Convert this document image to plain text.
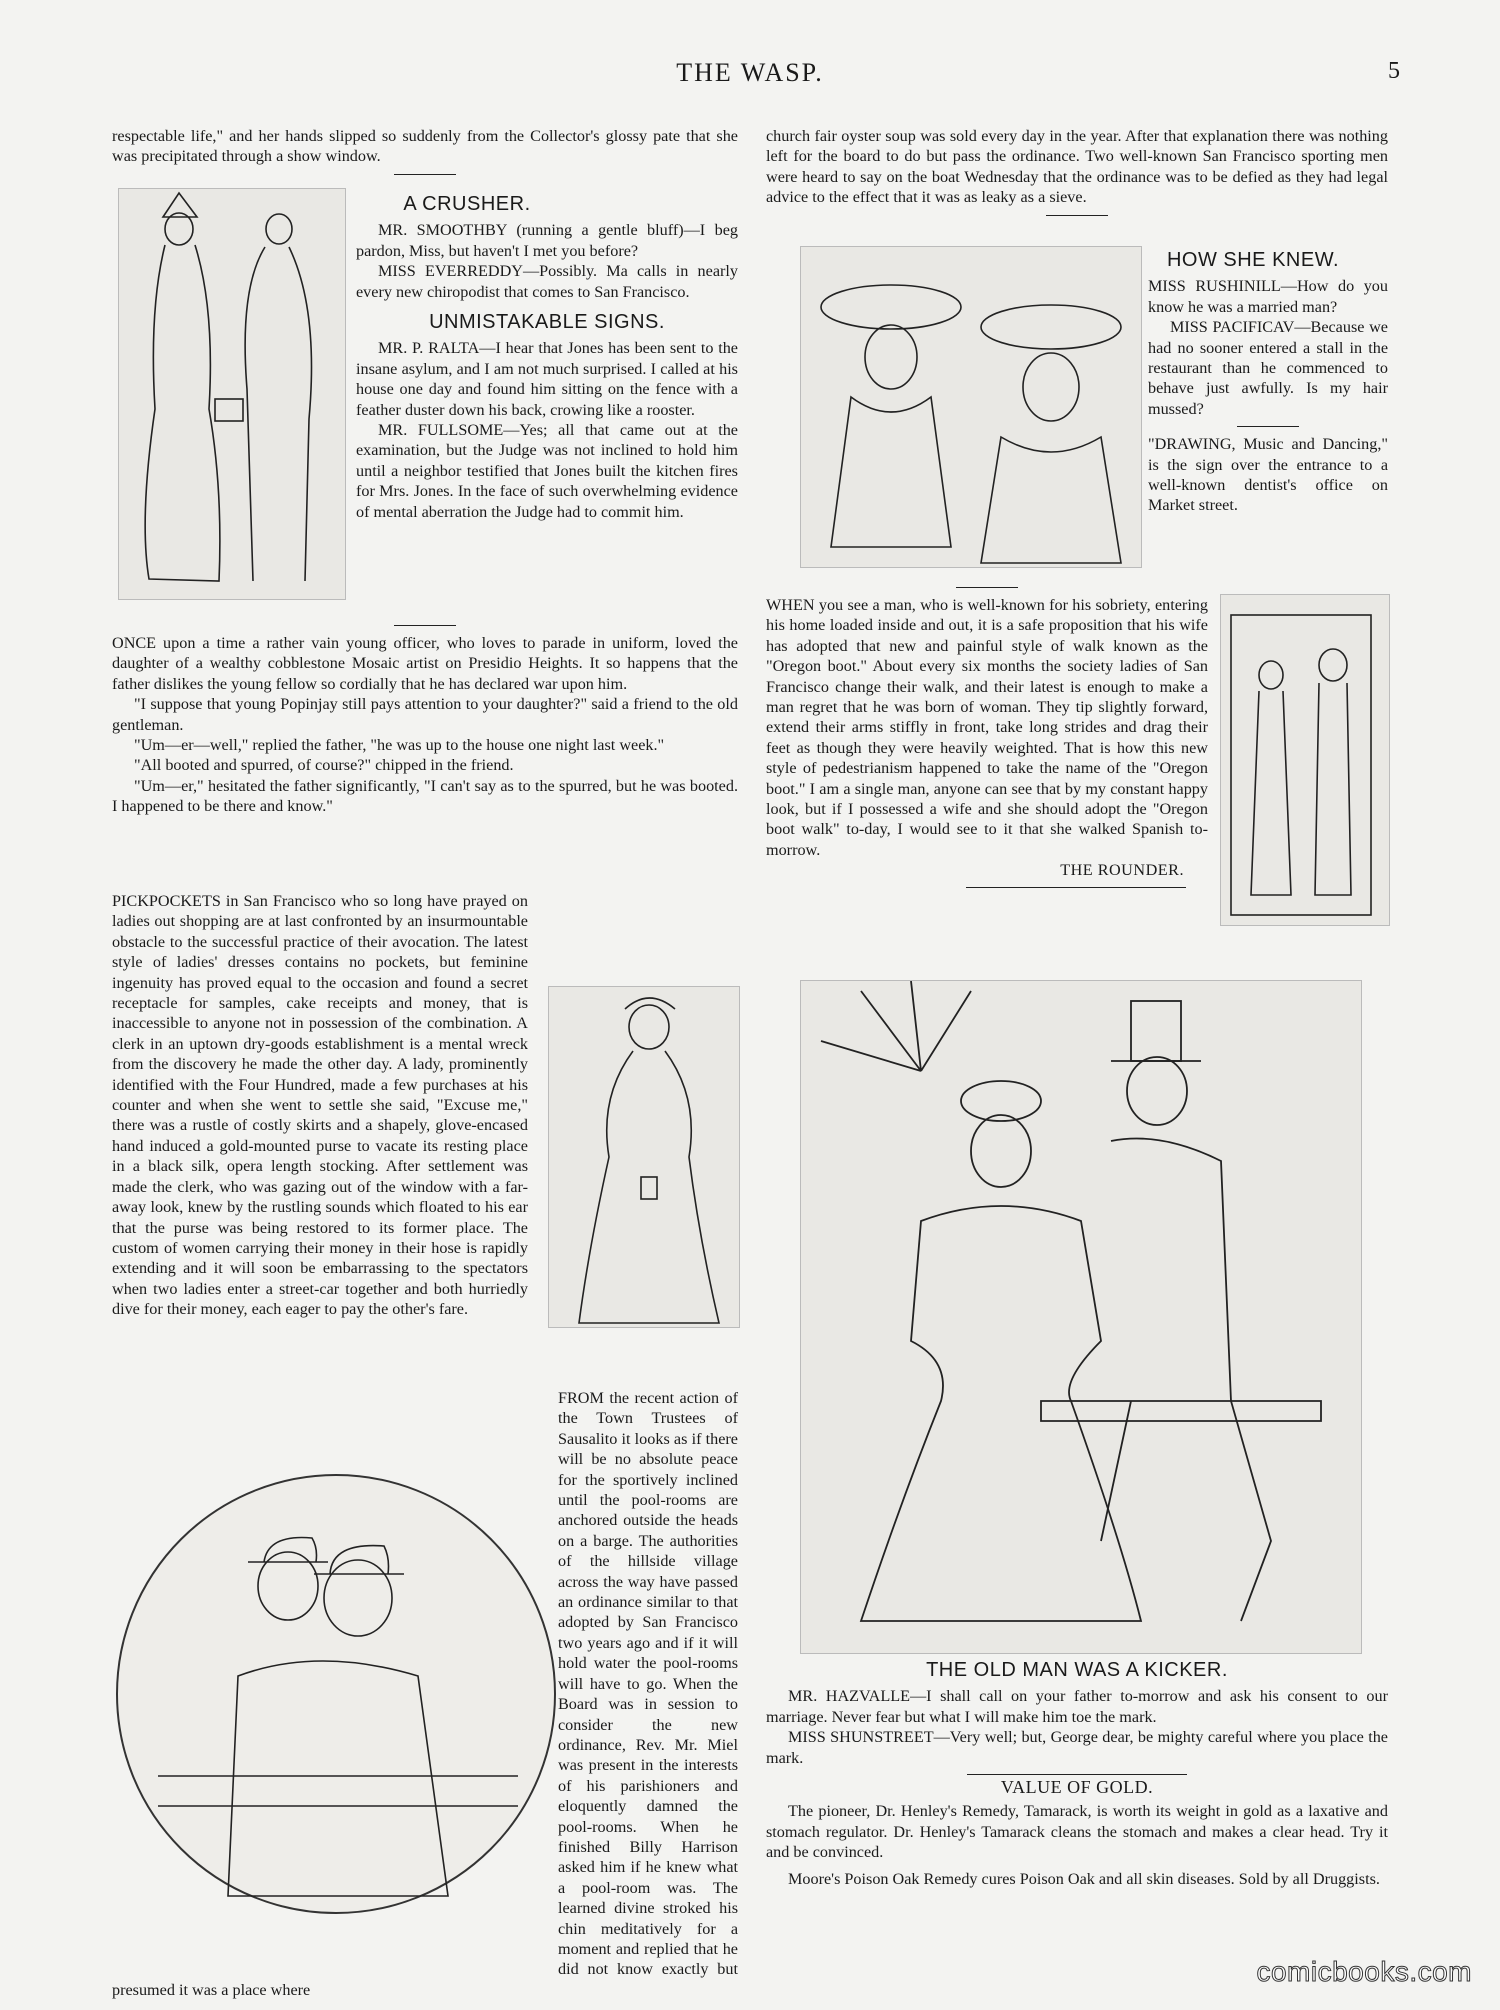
THE WASP.	5

respectable life," and her hands slipped so suddenly from the Collector's glossy pate that she was precipitated through a show window.

A CRUSHER.

MR. SMOOTHBY (running a gentle bluff)—I beg pardon, Miss, but haven't I met you before?

MISS EVERREDDY—Possibly. Ma calls in nearly every new chiropodist that comes to San Francisco.

UNMISTAKABLE SIGNS.

MR. P. RALTA—I hear that Jones has been sent to the insane asylum, and I am not much surprised. I called at his house one day and found him sitting on the fence with a feather duster down his back, crowing like a rooster.

MR. FULLSOME—Yes; all that came out at the examination, but the Judge was not inclined to hold him until a neighbor testified that Jones built the kitchen fires for Mrs. Jones. In the face of such overwhelming evidence of mental aberration the Judge had to commit him.

ONCE upon a time a rather vain young officer, who loves to parade in uniform, loved the daughter of a wealthy cobblestone Mosaic artist on Presidio Heights. It so happens that the father dislikes the young fellow so cordially that he has declared war upon him.

"I suppose that young Popinjay still pays attention to your daughter?" said a friend to the old gentleman.

"Um—er—well," replied the father, "he was up to the house one night last week."

"All booted and spurred, of course?" chipped in the friend.

"Um—er," hesitated the father significantly, "I can't say as to the spurred, but he was booted. I happened to be there and know."

PICKPOCKETS in San Francisco who so long have prayed on ladies out shopping are at last confronted by an insurmountable obstacle to the successful practice of their avocation. The latest style of ladies' dresses contains no pockets, but feminine ingenuity has proved equal to the occasion and found a secret receptacle for samples, cake receipts and money, that is inaccessible to anyone not in possession of the combination. A clerk in an uptown dry-goods establishment is a mental wreck from the discovery he made the other day. A lady, prominently identified with the Four Hundred, made a few purchases at his counter and when she went to settle she said, "Excuse me," there was a rustle of costly skirts and a shapely, glove-encased hand induced a gold-mounted purse to vacate its resting place in a black silk, opera length stocking. After settlement was made the clerk, who was gazing out of the window with a far-away look, knew by the rustling sounds which floated to his ear that the purse was being restored to its former place. The custom of women carrying their money in their hose is rapidly extending and it will soon be embarrassing to the spectators when two ladies enter a street-car together and both hurriedly dive for their money, each eager to pay the other's fare.

FROM the recent action of the Town Trustees of Sausalito it looks as if there will be no absolute peace for the sportively inclined until the pool-rooms are anchored outside the heads on a barge. The authorities of the hillside village across the way have passed an ordinance similar to that adopted by San Francisco two years ago and if it will hold water the pool-rooms will have to go. When the Board was in session to consider the new ordinance, Rev. Mr. Miel was present in the interests of his parishioners and eloquently damned the pool-rooms. When he finished Billy Harrison asked him if he knew what a pool-room was. The learned divine stroked his chin meditatively for a moment and replied that he did not know exactly but presumed it was a place where

church fair oyster soup was sold every day in the year. After that explanation there was nothing left for the board to do but pass the ordinance. Two well-known San Francisco sporting men were heard to say on the boat Wednesday that the ordinance was to be defied as they had legal advice to the effect that it was as leaky as a sieve.

HOW SHE KNEW.

MISS RUSHINILL—How do you know he was a married man?

MISS PACIFICAV—Because we had no sooner entered a stall in the restaurant than he commenced to behave just awfully. Is my hair mussed?

"DRAWING, Music and Dancing," is the sign over the entrance to a well-known dentist's office on Market street.

WHEN you see a man, who is well-known for his sobriety, entering his home loaded inside and out, it is a safe proposition that his wife has adopted that new and painful style of walk known as the "Oregon boot." About every six months the society ladies of San Francisco change their walk, and their latest is enough to make a man regret that he was born of woman. They tip slightly forward, extend their arms stiffly in front, take long strides and drag their feet as though they were heavily weighted. That is how this new style of pedestrianism happened to take the name of the "Oregon boot." I am a single man, anyone can see that by my constant happy look, but if I possessed a wife and she should adopt the "Oregon boot walk" to-day, I would see to it that she walked Spanish to-morrow.

THE ROUNDER.

THE OLD MAN WAS A KICKER.

MR. HAZVALLE—I shall call on your father to-morrow and ask his consent to our marriage. Never fear but what I will make him toe the mark.

MISS SHUNSTREET—Very well; but, George dear, be mighty careful where you place the mark.

VALUE OF GOLD.

The pioneer, Dr. Henley's Remedy, Tamarack, is worth its weight in gold as a laxative and stomach regulator. Dr. Henley's Tamarack cleans the stomach and makes a clear head. Try it and be convinced.

Moore's Poison Oak Remedy cures Poison Oak and all skin diseases. Sold by all Druggists.

comicbooks.com
